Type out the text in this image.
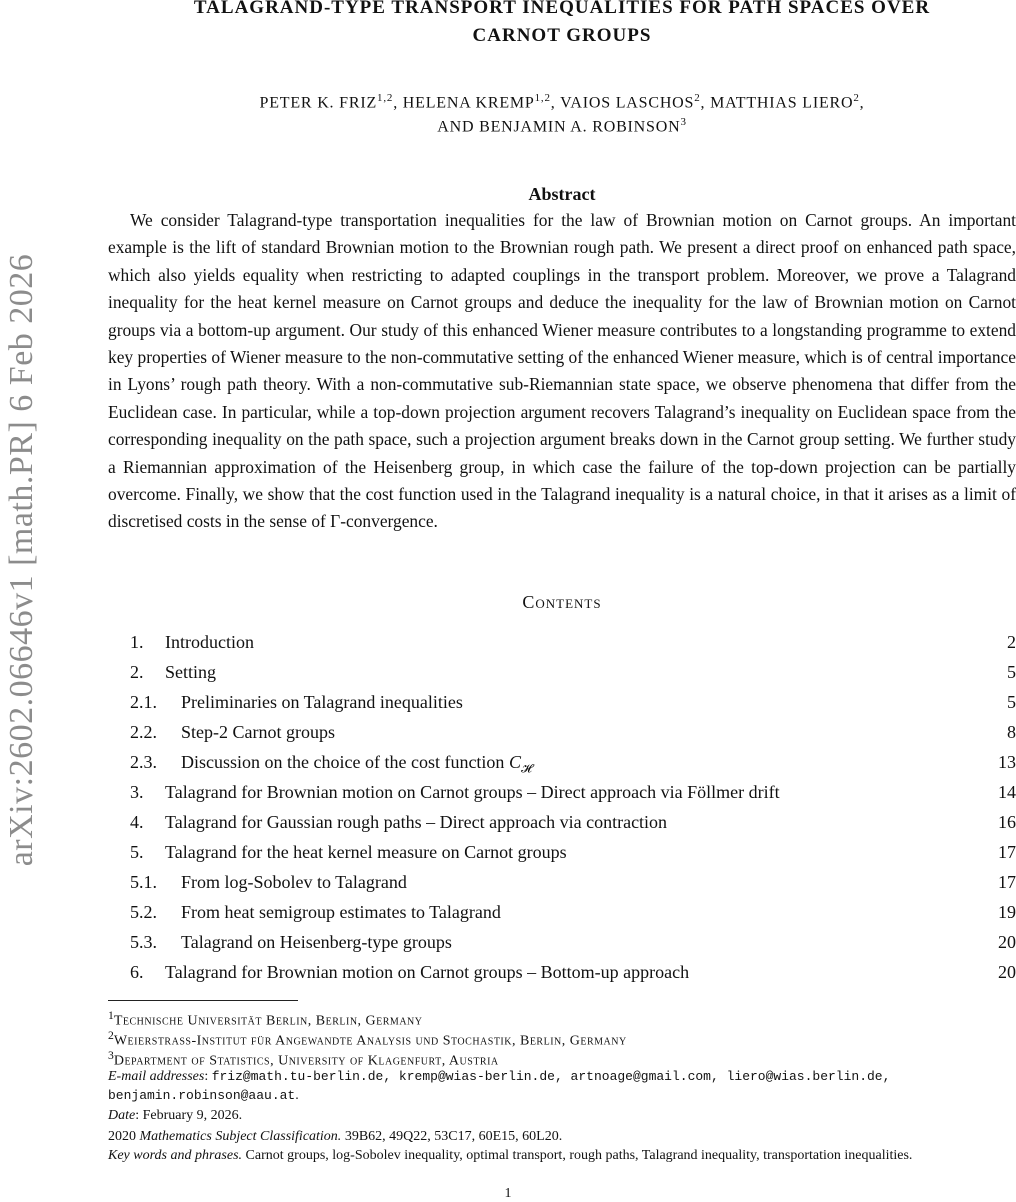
arXiv:2602.06646v1 [math.PR] 6 Feb 2026
TALAGRAND-TYPE TRANSPORT INEQUALITIES FOR PATH SPACES OVER
CARNOT GROUPS
PETER K. FRIZ$^{1,2}$, HELENA KREMP$^{1,2}$, VAIOS LASCHOS$^2$, MATTHIAS LIERO$^2$,
AND BENJAMIN A. ROBINSON$^3$
Abstract

We consider Talagrand-type transportation inequalities for the law of Brownian motion on Carnot groups. An important example is the lift of standard Brownian motion to the Brownian rough path. We present a direct proof on enhanced path space, which also yields equality when restricting to adapted couplings in the transport problem. Moreover, we prove a Talagrand inequality for the heat kernel measure on Carnot groups and deduce the inequality for the law of Brownian motion on Carnot groups via a bottom-up argument. Our study of this enhanced Wiener measure contributes to a longstanding programme to extend key properties of Wiener measure to the non-commutative setting of the enhanced Wiener measure, which is of central importance in Lyons’ rough path theory. With a non-commutative sub-Riemannian state space, we observe phenomena that differ from the Euclidean case. In particular, while a top-down projection argument recovers Talagrand’s inequality on Euclidean space from the corresponding inequality on the path space, such a projection argument breaks down in the Carnot group setting. We further study a Riemannian approximation of the Heisenberg group, in which case the failure of the top-down projection can be partially overcome. Finally, we show that the cost function used in the Talagrand inequality is a natural choice, in that it arises as a limit of discretised costs in the sense of Γ-convergence.

Contents
1. Introduction	2
2. Setting	5
2.1. Preliminaries on Talagrand inequalities	5
2.2. Step-2 Carnot groups	8
2.3. Discussion on the choice of the cost function $C_𝓗$	13
3. Talagrand for Brownian motion on Carnot groups – Direct approach via Föllmer drift	14
4. Talagrand for Gaussian rough paths – Direct approach via contraction	16
5. Talagrand for the heat kernel measure on Carnot groups	17
5.1. From log-Sobolev to Talagrand	17
5.2. From heat semigroup estimates to Talagrand	19
5.3. Talagrand on Heisenberg-type groups	20
6. Talagrand for Brownian motion on Carnot groups – Bottom-up approach	20
$^1$Technische Universität Berlin, Berlin, Germany
$^2$Weierstrass-Institut für Angewandte Analysis und Stochastik, Berlin, Germany
$^3$Department of Statistics, University of Klagenfurt, Austria
E-mail addresses: friz@math.tu-berlin.de, kremp@wias-berlin.de, artnoage@gmail.com, liero@wias.berlin.de,
benjamin.robinson@aau.at.
Date: February 9, 2026.
2020 Mathematics Subject Classification. 39B62, 49Q22, 53C17, 60E15, 60L20.
Key words and phrases. Carnot groups, log-Sobolev inequality, optimal transport, rough paths, Talagrand inequality, transportation inequalities.
1
